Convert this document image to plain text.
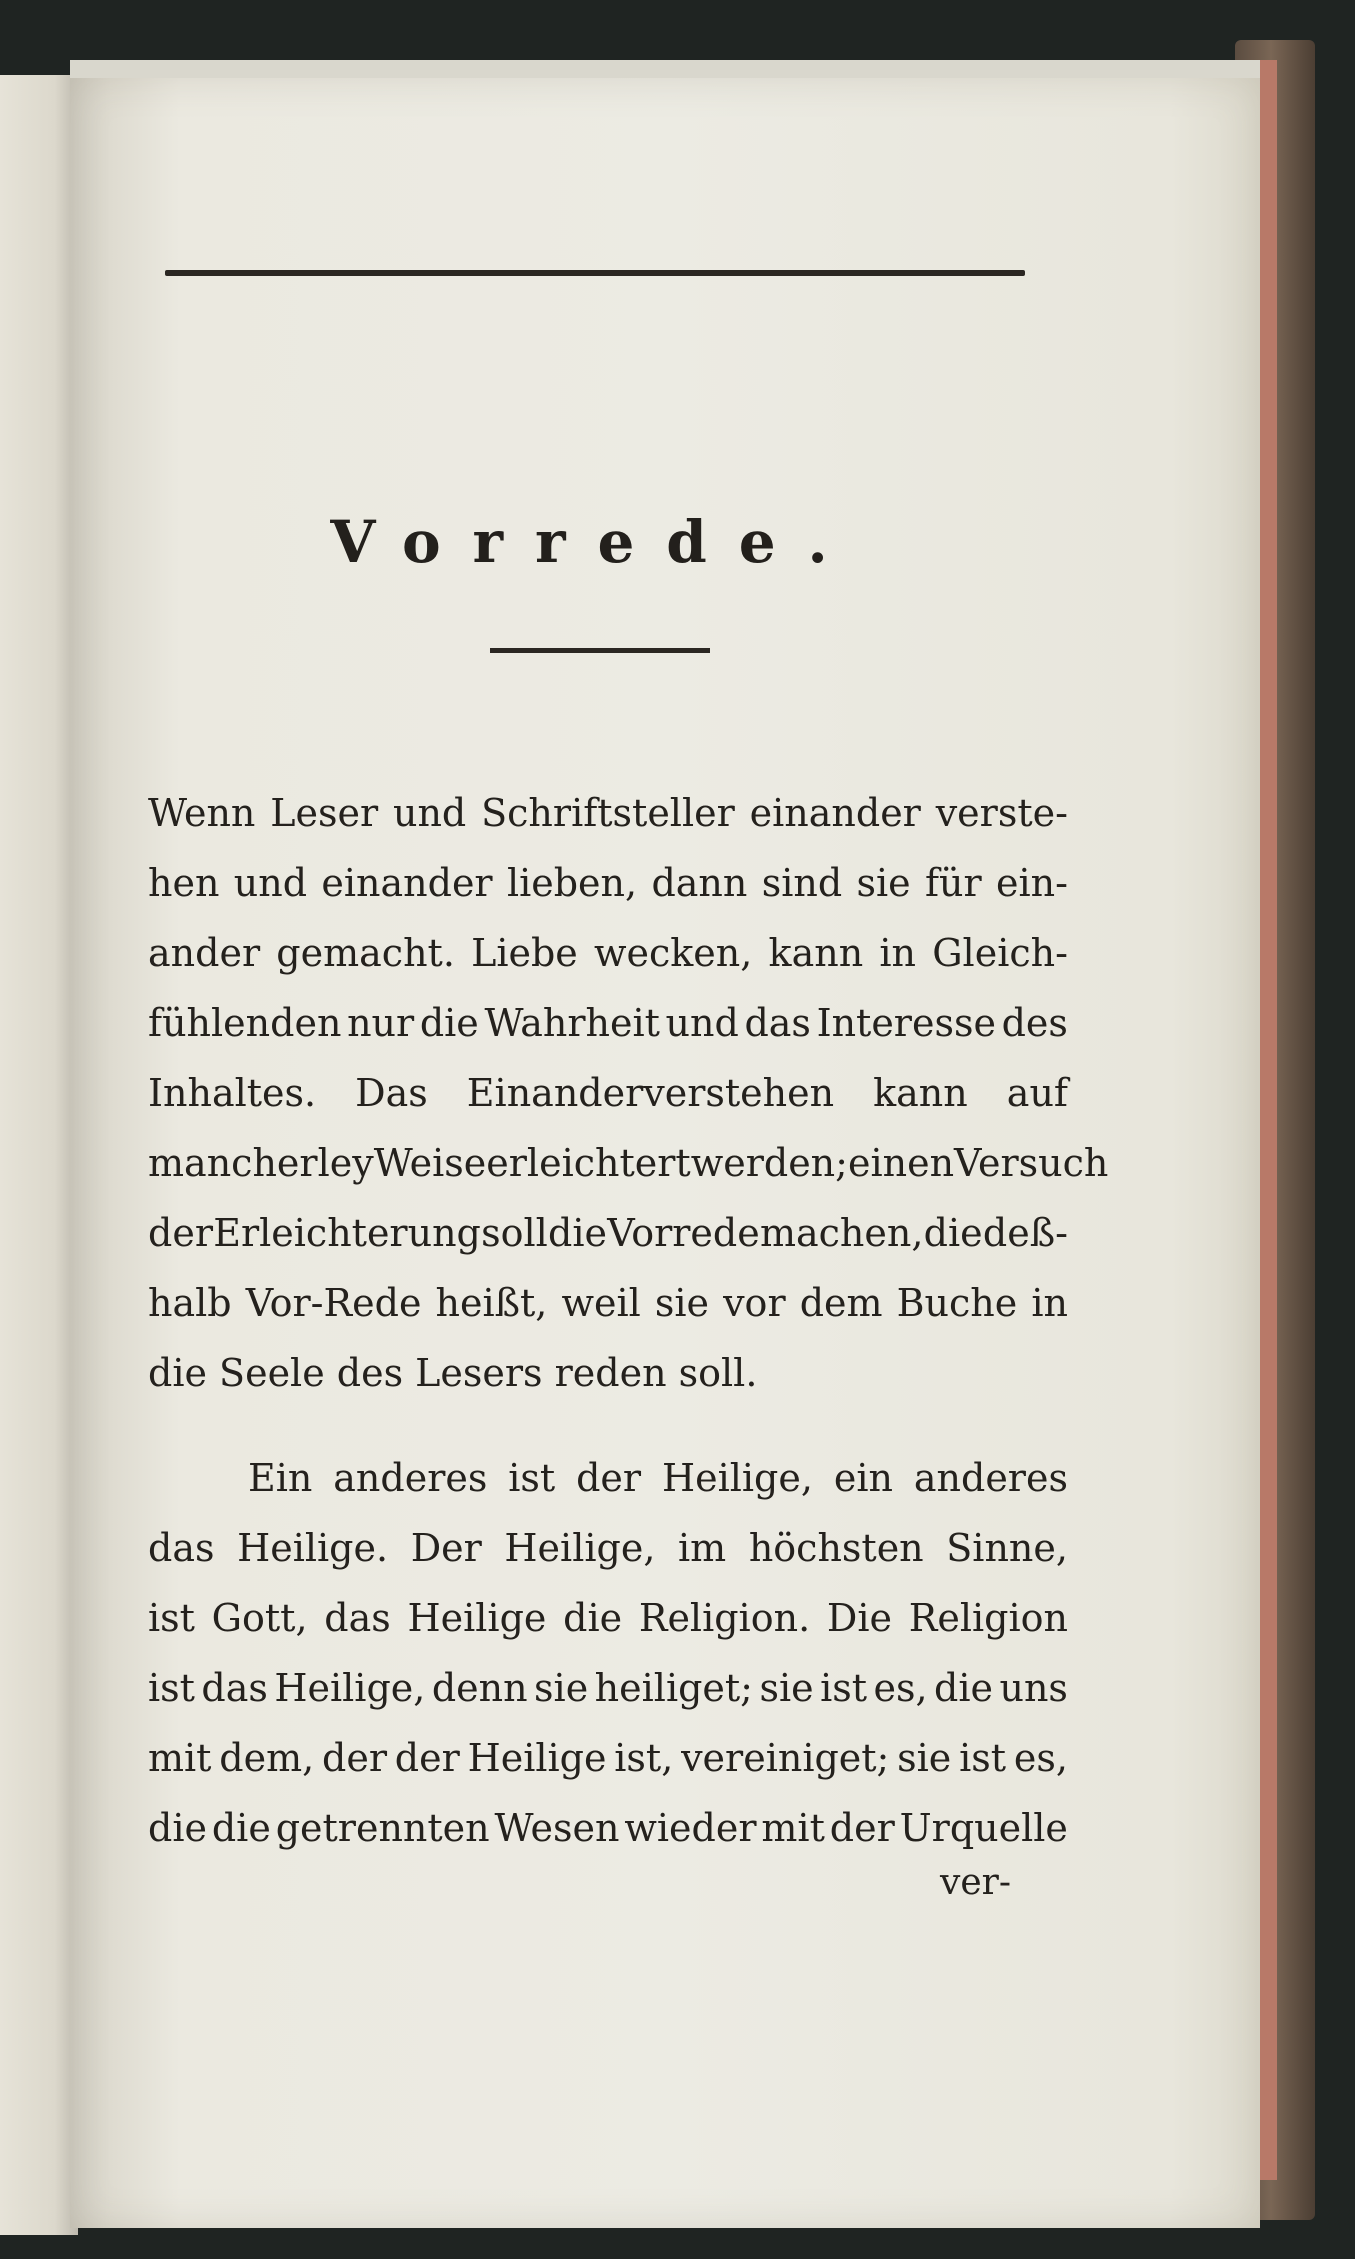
Vorrede.
Wenn Leser und Schriftsteller einander verste-
hen und einander lieben, dann sind sie für ein-
ander gemacht. Liebe wecken, kann in Gleich-
fühlenden nur die Wahrheit und das Interesse des
Inhaltes. Das Einanderverstehen kann auf
mancherley Weise erleichtert werden; einen Versuch
der Erleichterung soll die Vorrede machen, die deß-
halb Vor-Rede heißt, weil sie vor dem Buche in
die Seele des Lesers reden soll.
Ein anderes ist der Heilige, ein anderes
das Heilige. Der Heilige, im höchsten Sinne,
ist Gott, das Heilige die Religion. Die Religion
ist das Heilige, denn sie heiliget; sie ist es, die uns
mit dem, der der Heilige ist, vereiniget; sie ist es,
die die getrennten Wesen wieder mit der Urquelle
ver-
